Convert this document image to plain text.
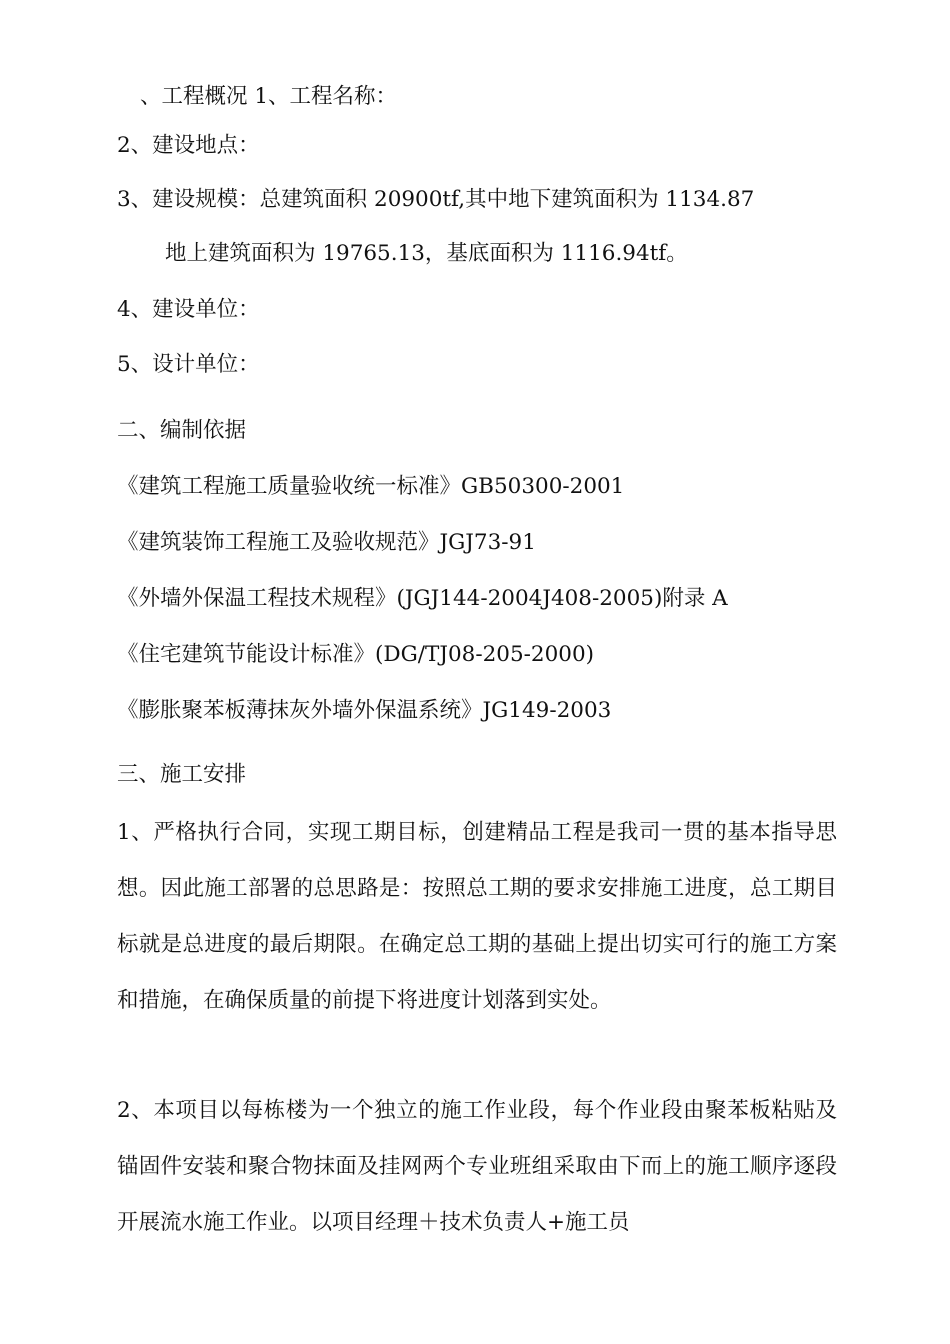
、工程概况 1、工程名称：
2、建设地点：
3、建设规模：总建筑面积 20900tf,其中地下建筑面积为 1134.87
地上建筑面积为 19765.13，基底面积为 1116.94tf。
4、建设单位：
5、设计单位：
二、编制依据
《建筑工程施工质量验收统一标准》GB50300-2001
《建筑装饰工程施工及验收规范》JGJ73-91
《外墙外保温工程技术规程》(JGJ144-2004J408-2005)附录 A
《住宅建筑节能设计标准》(DG/TJ08-205-2000)
《膨胀聚苯板薄抹灰外墙外保温系统》JG149-2003
三、施工安排
1、严格执行合同，实现工期目标，创建精品工程是我司一贯的基本指导思想。因此施工部署的总思路是：按照总工期的要求安排施工进度，总工期目标就是总进度的最后期限。在确定总工期的基础上提出切实可行的施工方案和措施，在确保质量的前提下将进度计划落到实处。
2、本项目以每栋楼为一个独立的施工作业段，每个作业段由聚苯板粘贴及锚固件安装和聚合物抹面及挂网两个专业班组采取由下而上的施工顺序逐段开展流水施工作业。以项目经理＋技术负责人+施工员
